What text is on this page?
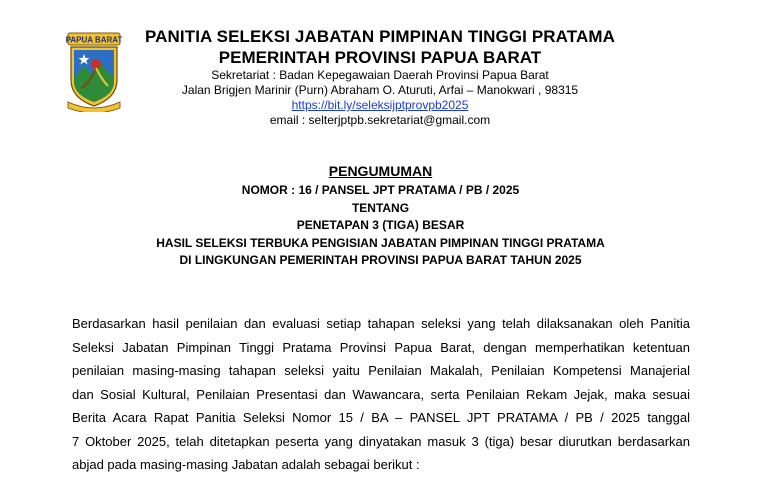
PAPUA BARAT	PANITIA SELEKSI JABATAN PIMPINAN TINGGI PRATAMA
PEMERINTAH PROVINSI PAPUA BARAT
Sekretariat : Badan Kepegawaian Daerah Provinsi Papua Barat
Jalan Brigjen Marinir (Purn) Abraham O. Aturuti, Arfai – Manokwari , 98315
https://bit.ly/seleksijptprovpb2025
email : selterjptpb.sekretariat@gmail.com
PENGUMUMAN
NOMOR : 16 / PANSEL JPT PRATAMA / PB / 2025
TENTANG
PENETAPAN 3 (TIGA) BESAR
HASIL SELEKSI TERBUKA PENGISIAN JABATAN PIMPINAN TINGGI PRATAMA
DI LINGKUNGAN PEMERINTAH PROVINSI PAPUA BARAT TAHUN 2025
Berdasarkan hasil penilaian dan evaluasi setiap tahapan seleksi yang telah dilaksanakan oleh Panitia
Seleksi Jabatan Pimpinan Tinggi Pratama Provinsi Papua Barat, dengan memperhatikan ketentuan
penilaian masing-masing tahapan seleksi yaitu Penilaian Makalah, Penilaian Kompetensi Manajerial
dan Sosial Kultural, Penilaian Presentasi dan Wawancara, serta Penilaian Rekam Jejak, maka sesuai
Berita Acara Rapat Panitia Seleksi Nomor 15 / BA – PANSEL JPT PRATAMA / PB / 2025 tanggal
7 Oktober 2025, telah ditetapkan peserta yang dinyatakan masuk 3 (tiga) besar diurutkan berdasarkan
abjad pada masing-masing Jabatan adalah sebagai berikut :
